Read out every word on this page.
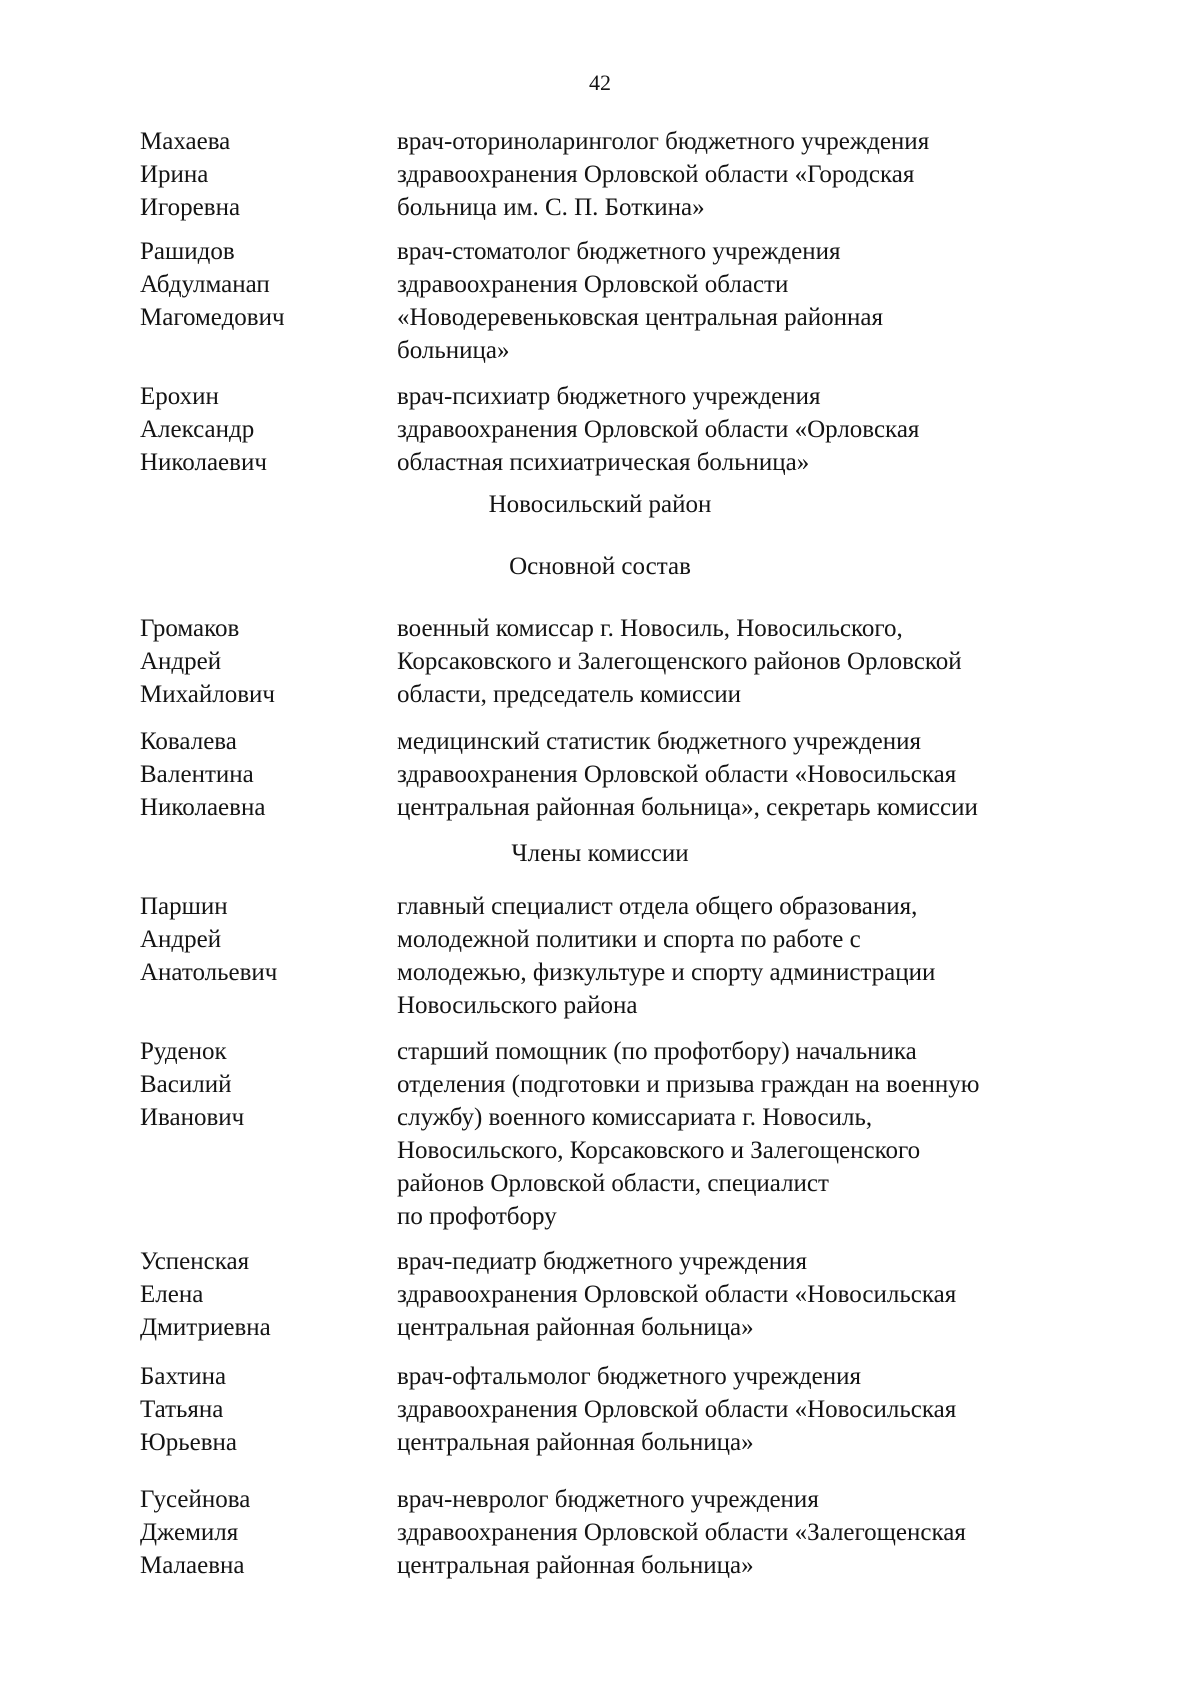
42
Махаева
Ирина
Игоревна
врач-оториноларинголог бюджетного учреждения
здравоохранения Орловской области «Городская
больница им. С. П. Боткина»
Рашидов
Абдулманап
Магомедович
врач-стоматолог бюджетного учреждения
здравоохранения Орловской области
«Новодеревеньковская центральная районная
больница»
Ерохин
Александр
Николаевич
врач-психиатр бюджетного учреждения
здравоохранения Орловской области «Орловская
областная психиатрическая больница»
Новосильский район
Основной состав
Громаков
Андрей
Михайлович
военный комиссар г. Новосиль, Новосильского,
Корсаковского и Залегощенского районов Орловской
области, председатель комиссии
Ковалева
Валентина
Николаевна
медицинский статистик бюджетного учреждения
здравоохранения Орловской области «Новосильская
центральная районная больница», секретарь комиссии
Члены комиссии
Паршин
Андрей
Анатольевич
главный специалист отдела общего образования,
молодежной политики и спорта по работе с
молодежью, физкультуре и спорту администрации
Новосильского района
Руденок
Василий
Иванович
старший помощник (по профотбору) начальника
отделения (подготовки и призыва граждан на военную
службу) военного комиссариата г. Новосиль,
Новосильского, Корсаковского и Залегощенского
районов Орловской области, специалист
по профотбору
Успенская
Елена
Дмитриевна
врач-педиатр бюджетного учреждения
здравоохранения Орловской области «Новосильская
центральная районная больница»
Бахтина
Татьяна
Юрьевна
врач-офтальмолог бюджетного учреждения
здравоохранения Орловской области «Новосильская
центральная районная больница»
Гусейнова
Джемиля
Малаевна
врач-невролог бюджетного учреждения
здравоохранения Орловской области «Залегощенская
центральная районная больница»
